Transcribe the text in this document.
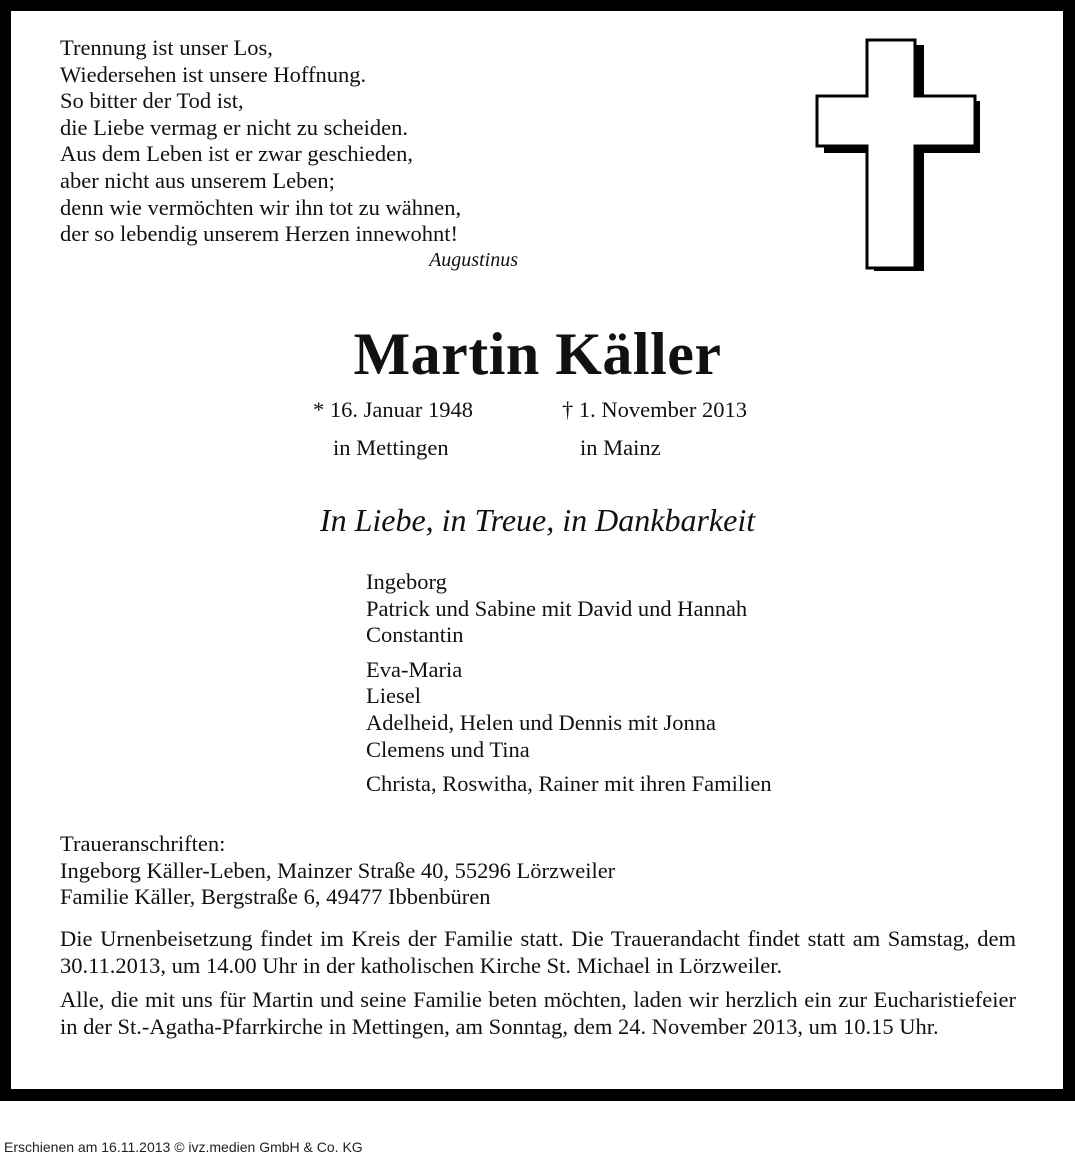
Trennung ist unser Los,
Wiedersehen ist unsere Hoffnung.
So bitter der Tod ist,
die Liebe vermag er nicht zu scheiden.
Aus dem Leben ist er zwar geschieden,
aber nicht aus unserem Leben;
denn wie vermöchten wir ihn tot zu wähnen,
der so lebendig unserem Herzen innewohnt!
Augustinus
Martin Käller
* 16. Januar 1948	† 1. November 2013
in Mettingen	in Mainz
In Liebe, in Treue, in Dankbarkeit
Ingeborg
Patrick und Sabine mit David und Hannah
Constantin
Eva-Maria
Liesel
Adelheid, Helen und Dennis mit Jonna
Clemens und Tina
Christa, Roswitha, Rainer mit ihren Familien
Traueranschriften:
Ingeborg Käller-Leben, Mainzer Straße 40, 55296 Lörzweiler
Familie Käller, Bergstraße 6, 49477 Ibbenbüren
Die Urnenbeisetzung findet im Kreis der Familie statt. Die Trauerandacht findet statt am Samstag, dem 30.11.2013, um 14.00 Uhr in der katholischen Kirche St. Michael in Lörzweiler.
Alle, die mit uns für Martin und seine Familie beten möchten, laden wir herzlich ein zur Eucharistiefeier in der St.-Agatha-Pfarrkirche in Mettingen, am Sonntag, dem 24. November 2013, um 10.15 Uhr.
Erschienen am 16.11.2013 © ivz.medien GmbH & Co. KG
